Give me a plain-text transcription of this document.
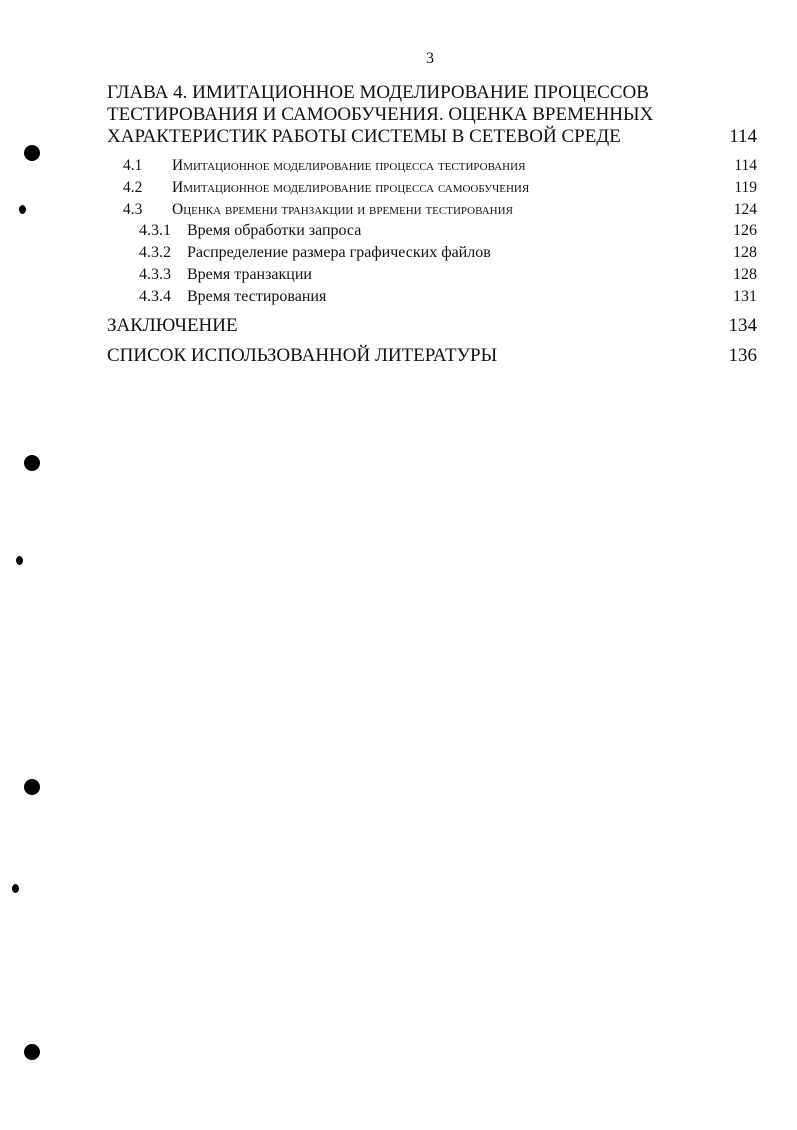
3
ГЛАВА 4. ИМИТАЦИОННОЕ МОДЕЛИРОВАНИЕ ПРОЦЕССОВ
ТЕСТИРОВАНИЯ И САМООБУЧЕНИЯ. ОЦЕНКА ВРЕМЕННЫХ
ХАРАКТЕРИСТИК РАБОТЫ СИСТЕМЫ В СЕТЕВОЙ СРЕДЕ	114
4.1 Имитационное моделирование процесса тестирования	114
4.2 Имитационное моделирование процесса самообучения	119
4.3 Оценка времени транзакции и времени тестирования	124
4.3.1 Время обработки запроса	126
4.3.2 Распределение размера графических файлов	128
4.3.3 Время транзакции	128
4.3.4 Время тестирования	131
ЗАКЛЮЧЕНИЕ	134
СПИСОК ИСПОЛЬЗОВАННОЙ ЛИТЕРАТУРЫ	136
